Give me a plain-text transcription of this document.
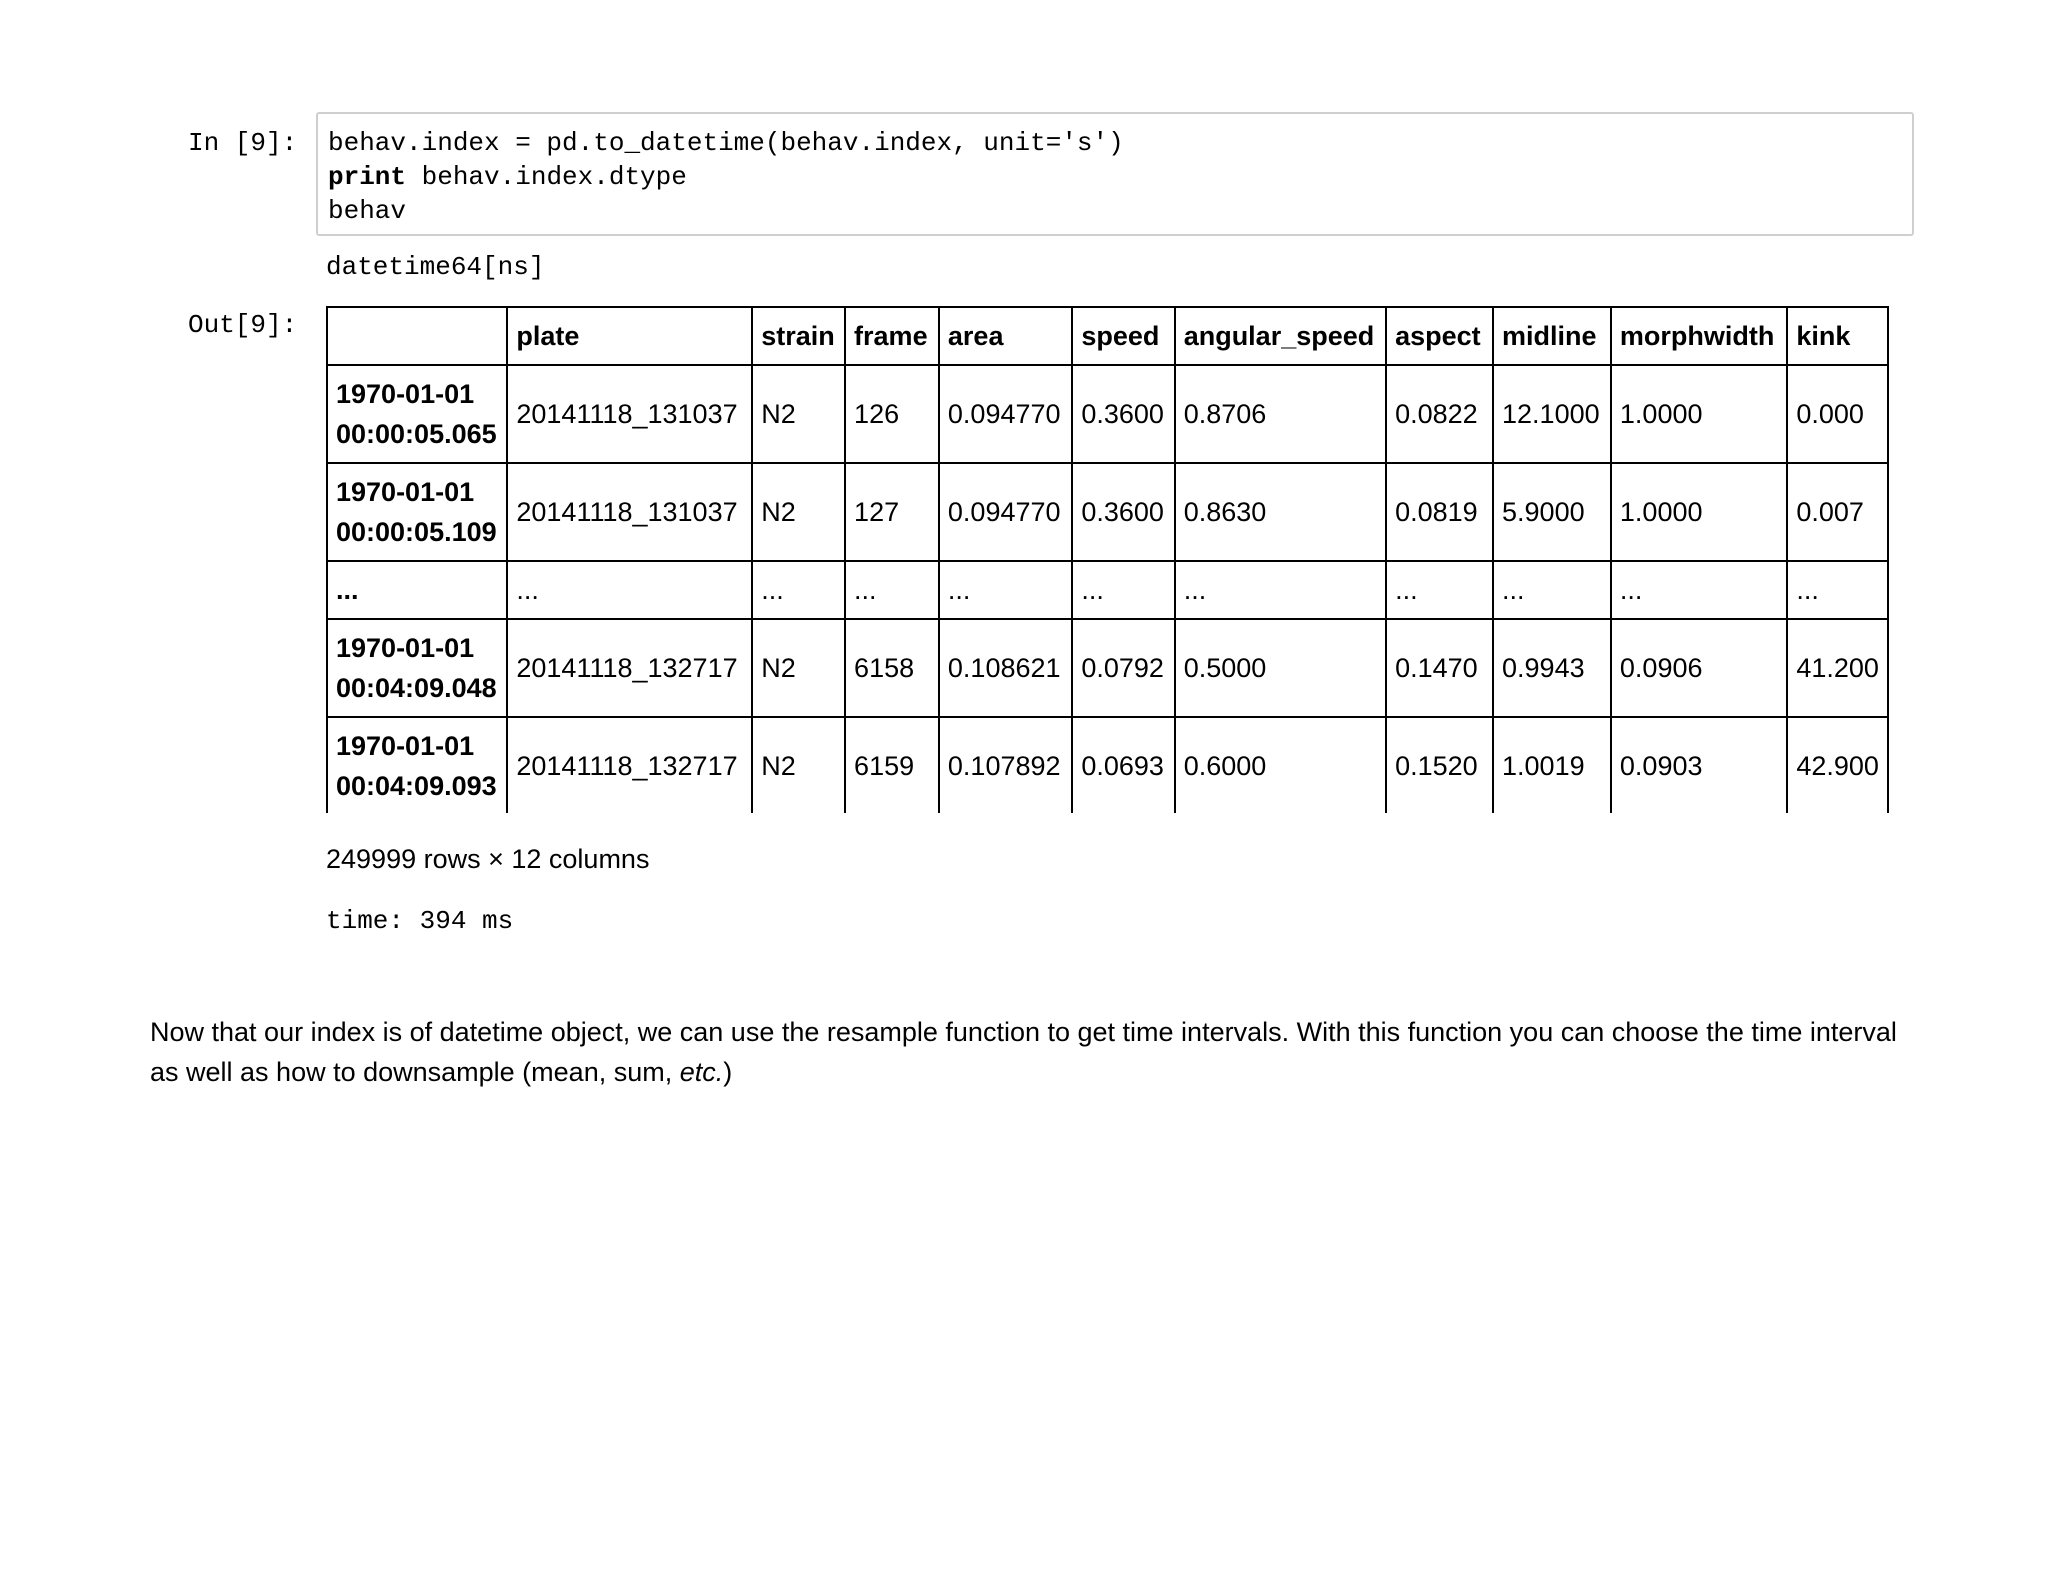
In [9]: behav.index = pd.to_datetime(behav.index, unit='s')
print behav.index.dtype
behav
datetime64[ns]
Out[9]:
		plate	strain	frame	area	speed	angular_speed	aspect	midline	morphwidth	kink
1970-01-01 00:00:05.065	20141118_131037	N2	126	0.094770	0.3600	0.8706	0.0822	12.1000	1.0000	0.000
1970-01-01 00:00:05.109	20141118_131037	N2	127	0.094770	0.3600	0.8630	0.0819	5.9000	1.0000	0.007
...	...	...	...	...	...	...	...	...	...	...
1970-01-01 00:04:09.048	20141118_132717	N2	6158	0.108621	0.0792	0.5000	0.1470	0.9943	0.0906	41.200
1970-01-01 00:04:09.093	20141118_132717	N2	6159	0.107892	0.0693	0.6000	0.1520	1.0019	0.0903	42.900
249999 rows × 12 columns
time: 394 ms
Now that our index is of datetime object, we can use the resample function to get time intervals. With this function you can choose the time interval as well as how to downsample (mean, sum, etc.)
